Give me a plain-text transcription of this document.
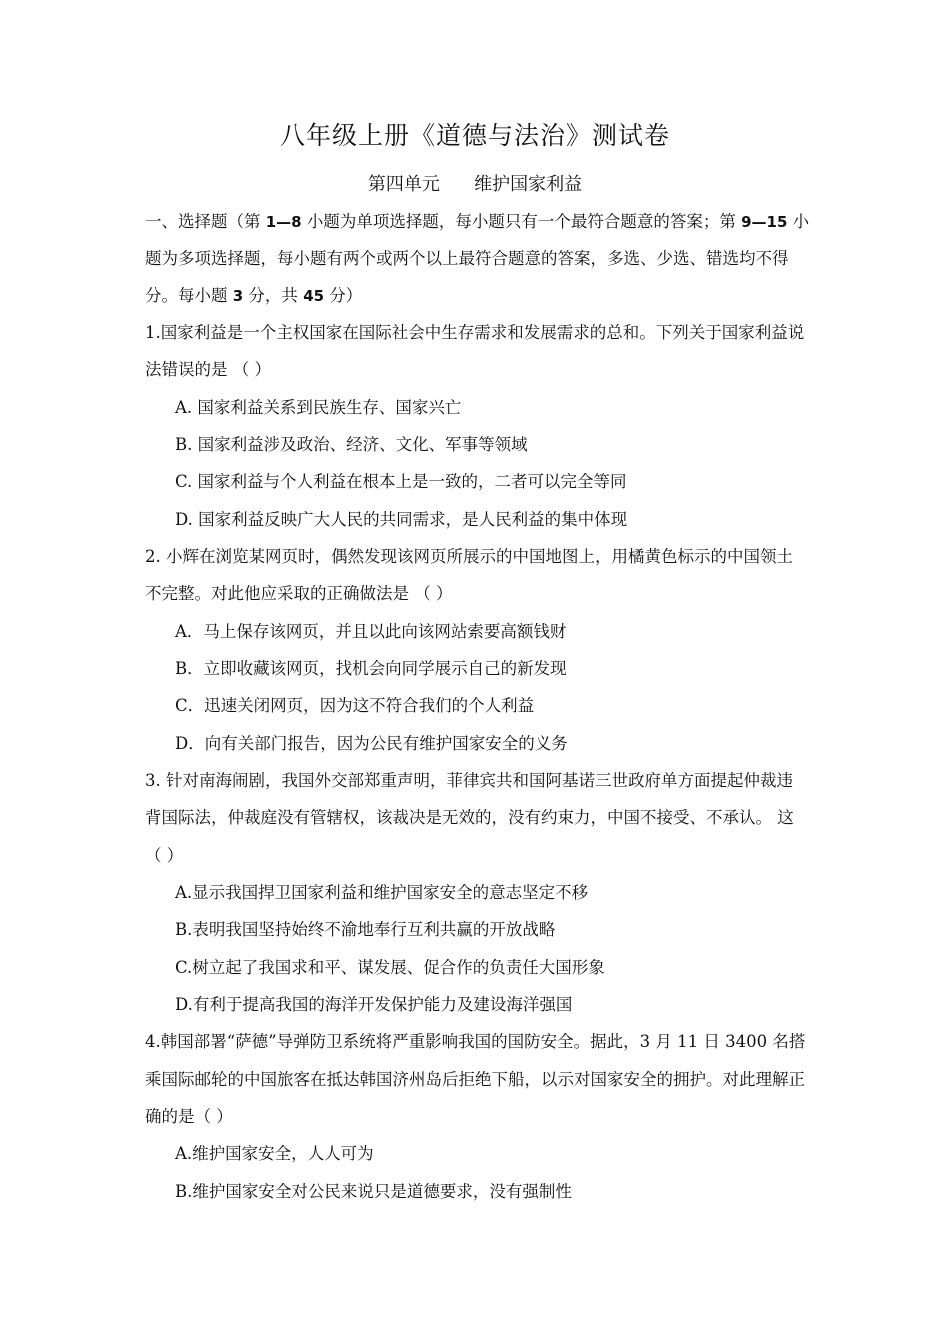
八年级上册《道德与法治》测试卷
第四单元      维护国家利益
一、选择题（第 1—8 小题为单项选择题，每小题只有一个最符合题意的答案；第 9—15 小
题为多项选择题，每小题有两个或两个以上最符合题意的答案，多选、少选、错选均不得
分。每小题 3 分，共 45 分）
1.国家利益是一个主权国家在国际社会中生存需求和发展需求的总和。下列关于国家利益说
法错误的是 （ ）
A. 国家利益关系到民族生存、国家兴亡
B. 国家利益涉及政治、经济、文化、军事等领域
C. 国家利益与个人利益在根本上是一致的，二者可以完全等同
D. 国家利益反映广大人民的共同需求，是人民利益的集中体现
2. 小辉在浏览某网页时，偶然发现该网页所展示的中国地图上，用橘黄色标示的中国领土
不完整。对此他应采取的正确做法是 （ ）
A．马上保存该网页，并且以此向该网站索要高额钱财
B．立即收藏该网页，找机会向同学展示自己的新发现
C．迅速关闭网页，因为这不符合我们的个人利益
D．向有关部门报告，因为公民有维护国家安全的义务
3. 针对南海闹剧，我国外交部郑重声明，菲律宾共和国阿基诺三世政府单方面提起仲裁违
背国际法，仲裁庭没有管辖权，该裁决是无效的，没有约束力，中国不接受、不承认。 这
（ ）
A.显示我国捍卫国家利益和维护国家安全的意志坚定不移
B.表明我国坚持始终不渝地奉行互利共赢的开放战略
C.树立起了我国求和平、谋发展、促合作的负责任大国形象
D.有利于提高我国的海洋开发保护能力及建设海洋强国
4.韩国部署“萨德”导弹防卫系统将严重影响我国的国防安全。据此，3 月 11 日 3400 名搭
乘国际邮轮的中国旅客在抵达韩国济州岛后拒绝下船，以示对国家安全的拥护。对此理解正
确的是（ ）
A.维护国家安全，人人可为
B.维护国家安全对公民来说只是道德要求，没有强制性
